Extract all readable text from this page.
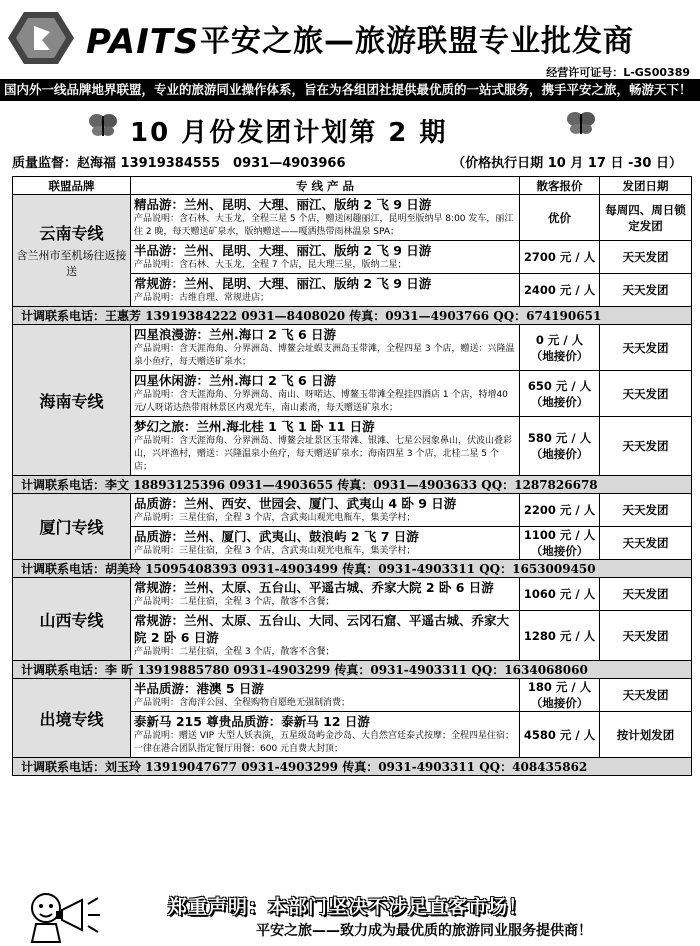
PAITS 平安之旅—旅游联盟专业批发商
经营许可证号：L-GS00389
国内外一线品牌地界联盟，专业的旅游同业操作体系，旨在为各组团社提供最优质的一站式服务，携手平安之旅，畅游天下！
10 月份发团计划第 2 期
质量监督：赵海福 13919384555　0931—4903966	（价格执行日期 10 月 17 日 -30 日）
联盟品牌	专 线 产 品	散客报价	发团日期

云南专线
含兰州市至机场往返接送	精品游：兰州、昆明、大理、丽江、版纳 2 飞 9 日游
产品说明：含石林、大玉龙，全程三星 5 个店，赠送闲趣丽江，昆明至版纳早 8:00 发车，丽江住 2 晚，每天赠送矿泉水，版纳赠送——嘎洒热带雨林温泉 SPA；	优价	每周四、周日锁定发团

	半品游：兰州、昆明、大理、丽江、版纳 2 飞 9 日游
产品说明：含石林、大玉龙，全程 7 个店，昆大理三星，版纳二星；	2700 元 / 人	天天发团

	常规游：兰州、昆明、大理、丽江、版纳 2 飞 9 日游
产品说明：古维自理、常规进店；	2400 元 / 人	天天发团
计调联系电话：王惠芳 13919384222 0931—8408020 传真：0931—4903766 QQ：674190651			

海南专线	四星浪漫游：兰州.海口 2 飞 6 日游
产品说明：含天涯海角、分界洲岛、博鳌会址蜈支洲岛玉带滩，全程四星 3 个店，赠送：兴隆温泉小鱼疗，每天赠送矿泉水；	0 元 / 人
（地接价）	天天发团

	四星休闲游：兰州.海口 2 飞 6 日游
产品说明：含天涯海角、分界洲岛、南山、呀喏达、博鳌玉带滩全程挂四酒店 1 个店，特增40元/人呀诺达热带雨林景区内观光车，南山素斋，每天赠送矿泉水；	650 元 / 人
（地接价）	天天发团

	梦幻之旅：兰州.海北桂 1 飞 1 卧 11 日游
产品说明：含天涯海角、分界洲岛、博鳌会址景区玉带滩、银滩、七星公园象鼻山，伏波山叠彩山，兴坪渔村，赠送：兴隆温泉小鱼疗，每天赠送矿泉水；海南四星 3 个店，北桂二星 5 个店；	580 元 / 人
（地接价）	天天发团
计调联系电话：李文 18893125396 0931—4903655 传真：0931—4903633 QQ：1287826678			

厦门专线	品质游：兰州、西安、世园会、厦门、武夷山 4 卧 9 日游
产品说明：三星住宿，全程 3 个店，含武夷山观光电瓶车，集美学村；	2200 元 / 人	天天发团

	品质游：兰州、厦门、武夷山、鼓浪屿 2 飞 7 日游
产品说明：三星住宿，全程 3 个店，含武夷山观光电瓶车，集美学村；	1100 元 / 人
（地接价）	天天发团
计调联系电话：胡美玲 15095408393 0931-4903499 传真：0931-4903311 QQ：1653009450			

山西专线	常规游：兰州、太原、五台山、平遥古城、乔家大院 2 卧 6 日游
产品说明：二星住宿，全程 3 个店，散客不含餐；	1060 元 / 人	天天发团

	常规游：兰州、太原、五台山、大同、云冈石窟、平遥古城、乔家大院 2 卧 6 日游
产品说明：二星住宿，全程 3 个店，散客不含餐；	1280 元 / 人	天天发团
计调联系电话：李 昕 13919885780 0931-4903299 传真：0931-4903311 QQ：1634068060			

出境专线	半品质游：港澳 5 日游
产品说明：含海洋公园、全程购物自愿绝无强制消费；	180 元 / 人
（地接价）	天天发团

	泰新马 215 尊贵品质游：泰新马 12 日游
产品说明：赠送 VIP 大型人妖表演，五星级岛屿金沙岛、大自然宫廷泰式按摩；全程四星住宿；一律在港合团队指定餐厅用餐；600 元自费大封顶；	4580 元 / 人	按计划发团
计调联系电话：刘玉玲 13919047677 0931-4903299 传真：0931-4903311 QQ：408435862			
郑重声明：本部门坚决不涉足直客市场！
平安之旅——致力成为最优质的旅游同业服务提供商！
